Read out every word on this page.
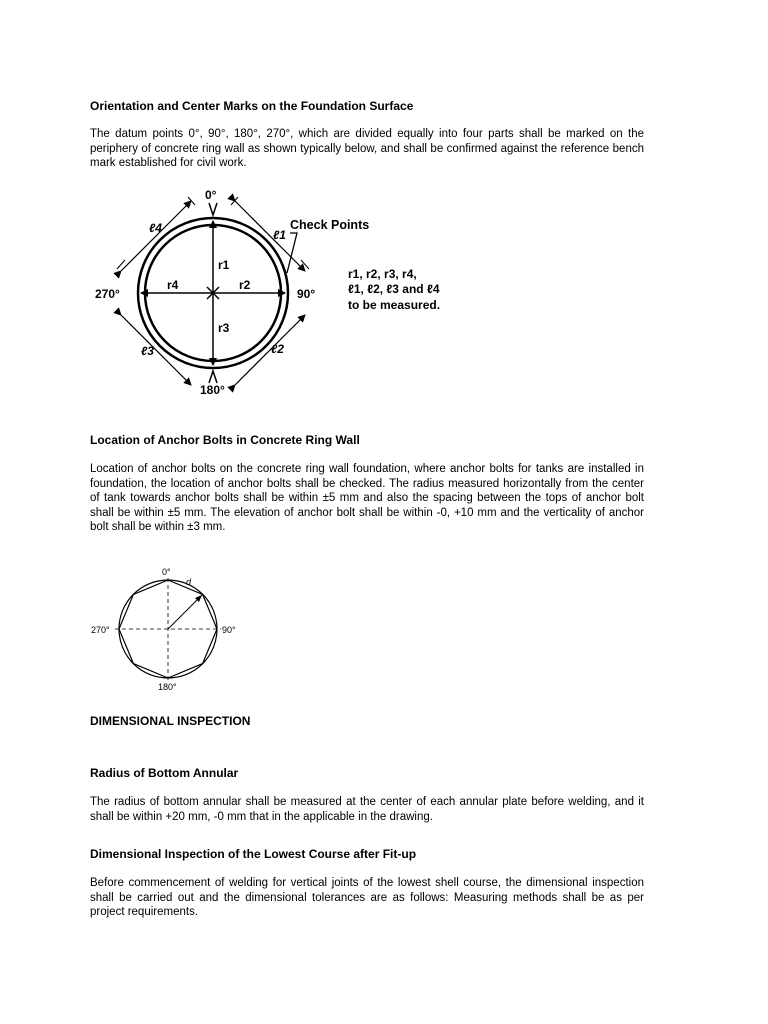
Orientation and Center Marks on the Foundation Surface
The datum points 0°, 90°, 180°, 270°, which are divided equally into four parts shall be marked on the periphery of concrete ring wall as shown typically below, and shall be confirmed against the reference bench mark established for civil work.
0°
90°
180°
270°
r1
r2
r3
r4
ℓ4	ℓ1
ℓ3	ℓ2
Check Points
r1, r2, r3, r4,
ℓ1, ℓ2, ℓ3 and ℓ4
to be measured.
Location of Anchor Bolts in Concrete Ring Wall
Location of anchor bolts on the concrete ring wall foundation, where anchor bolts for tanks are installed in foundation, the location of anchor bolts shall be checked. The radius measured horizontally from the center of tank towards anchor bolts shall be within ±5 mm and also the spacing between the tops of anchor bolt shall be within ±5 mm. The elevation of anchor bolt shall be within -0, +10 mm and the verticality of anchor bolt shall be within ±3 mm.
0°
d
90°
180°
270°
DIMENSIONAL INSPECTION
Radius of Bottom Annular
The radius of bottom annular shall be measured at the center of each annular plate before welding, and it shall be within +20 mm, -0 mm that in the applicable in the drawing.
Dimensional Inspection of the Lowest Course after Fit-up
Before commencement of welding for vertical joints of the lowest shell course, the dimensional inspection shall be carried out and the dimensional tolerances are as follows: Measuring methods shall be as per project requirements.
